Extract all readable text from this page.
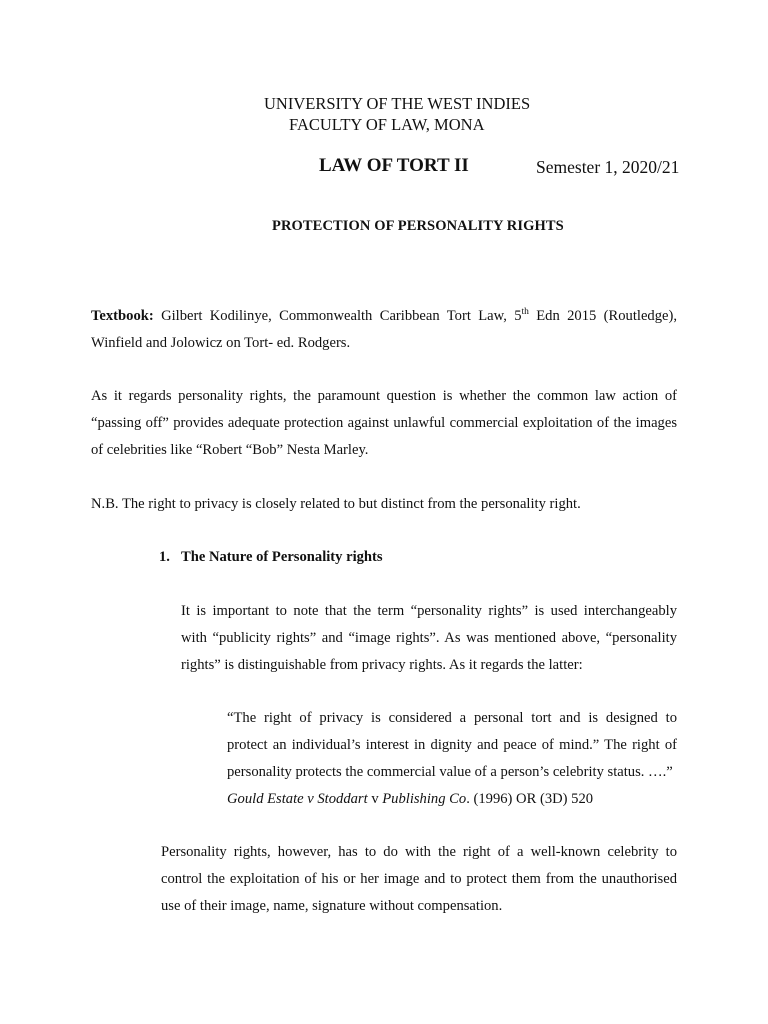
UNIVERSITY OF THE WEST INDIES
FACULTY OF LAW, MONA
LAW OF TORT II	Semester 1, 2020/21
PROTECTION OF PERSONALITY RIGHTS
Textbook: Gilbert Kodilinye, Commonwealth Caribbean Tort Law, 5th Edn 2015 (Routledge),
Winfield and Jolowicz on Tort- ed. Rodgers.
As it regards personality rights, the paramount question is whether the common law action of
“passing off” provides adequate protection against unlawful commercial exploitation of the images
of celebrities like “Robert “Bob” Nesta Marley.
N.B. The right to privacy is closely related to but distinct from the personality right.
1. The Nature of Personality rights
It is important to note that the term “personality rights” is used interchangeably
with “publicity rights” and “image rights”. As was mentioned above, “personality
rights” is distinguishable from privacy rights. As it regards the latter:
“The right of privacy is considered a personal tort and is designed to
protect an individual’s interest in dignity and peace of mind.” The right of
personality protects the commercial value of a person’s celebrity status. ….”
Gould Estate v Stoddart v Publishing Co. (1996) OR (3D) 520
Personality rights, however, has to do with the right of a well-known celebrity to
control the exploitation of his or her image and to protect them from the unauthorised
use of their image, name, signature without compensation.
